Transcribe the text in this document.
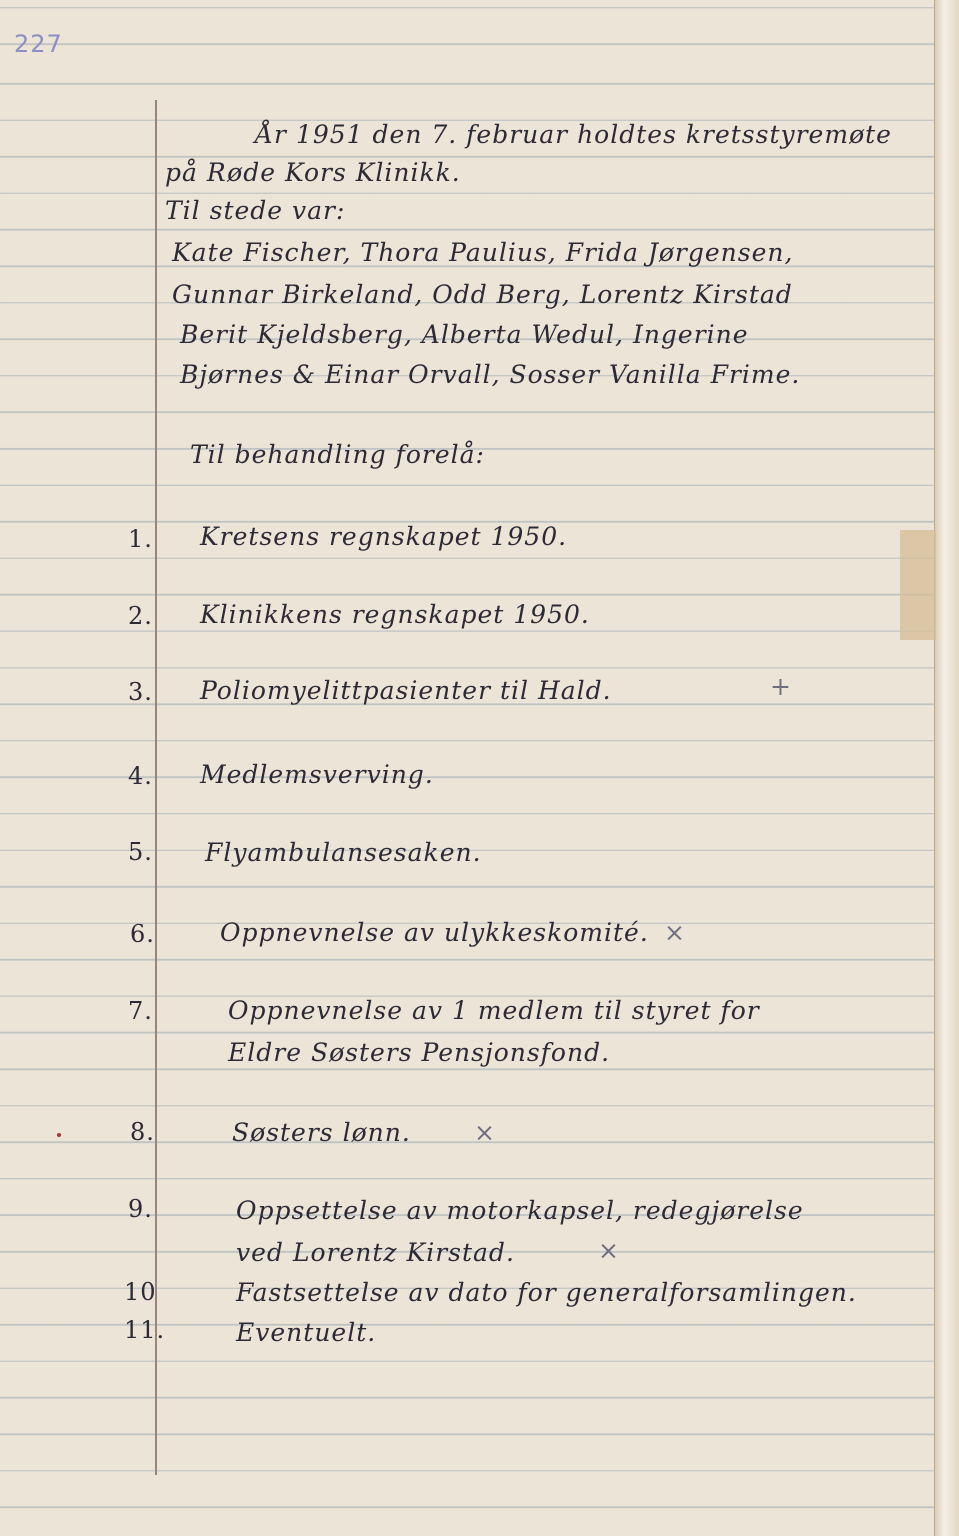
227
År 1951 den 7. februar holdtes kretsstyremøte
på Røde Kors Klinikk.
Til stede var:
Kate Fischer, Thora Paulius, Frida Jørgensen,
Gunnar Birkeland, Odd Berg, Lorentz Kirstad
Berit Kjeldsberg, Alberta Wedul, Ingerine
Bjørnes & Einar Orvall, Sosser Vanilla Frime.
Til behandling forelå:
1. Kretsens regnskapet 1950.
2. Klinikkens regnskapet 1950.
3. Poliomyelittpasienter til Hald.	+
4. Medlemsverving.
5. Flyambulansesaken.
6.	Oppnevnelse av ulykkeskomité. ×
7.	Oppnevnelse av 1 medlem til styret for
Eldre Søsters Pensjonsfond.
8.	Søsters lønn.	×
9.	Oppsettelse av motorkapsel, redegjørelse
ved Lorentz Kirstad.	×
10	Fastsettelse av dato for generalforsamlingen.
11.	Eventuelt.
